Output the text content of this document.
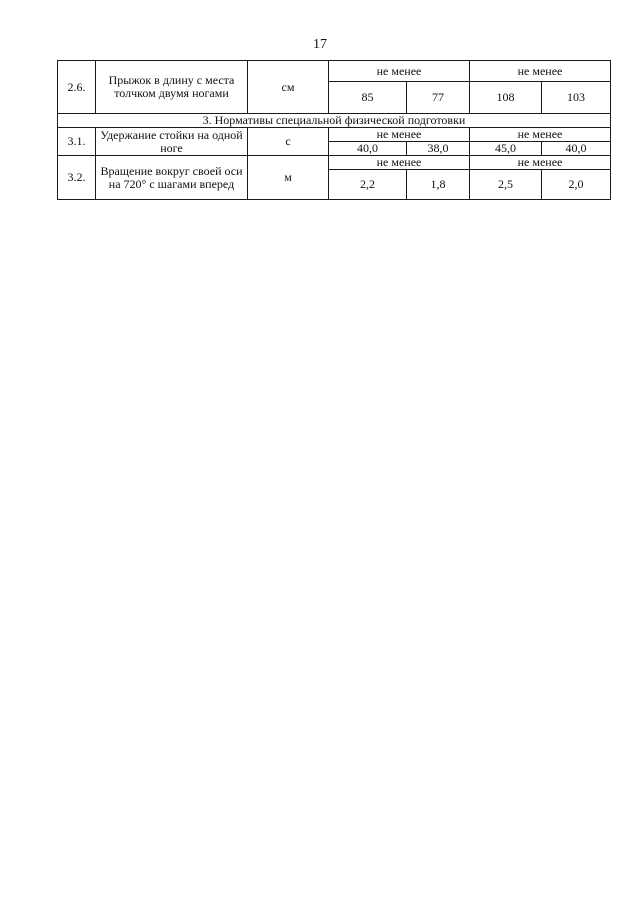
17
2.6.	Прыжок в длину с места толчком двумя ногами	см	не менее		не менее	
			85	77	108	103
3. Нормативы специальной физической подготовки						
3.1.	Удержание стойки на одной ноге	с	не менее		не менее	
			40,0	38,0	45,0	40,0
3.2.	Вращение вокруг своей оси на 720° с шагами вперед	м	не менее		не менее	
			2,2	1,8	2,5	2,0
